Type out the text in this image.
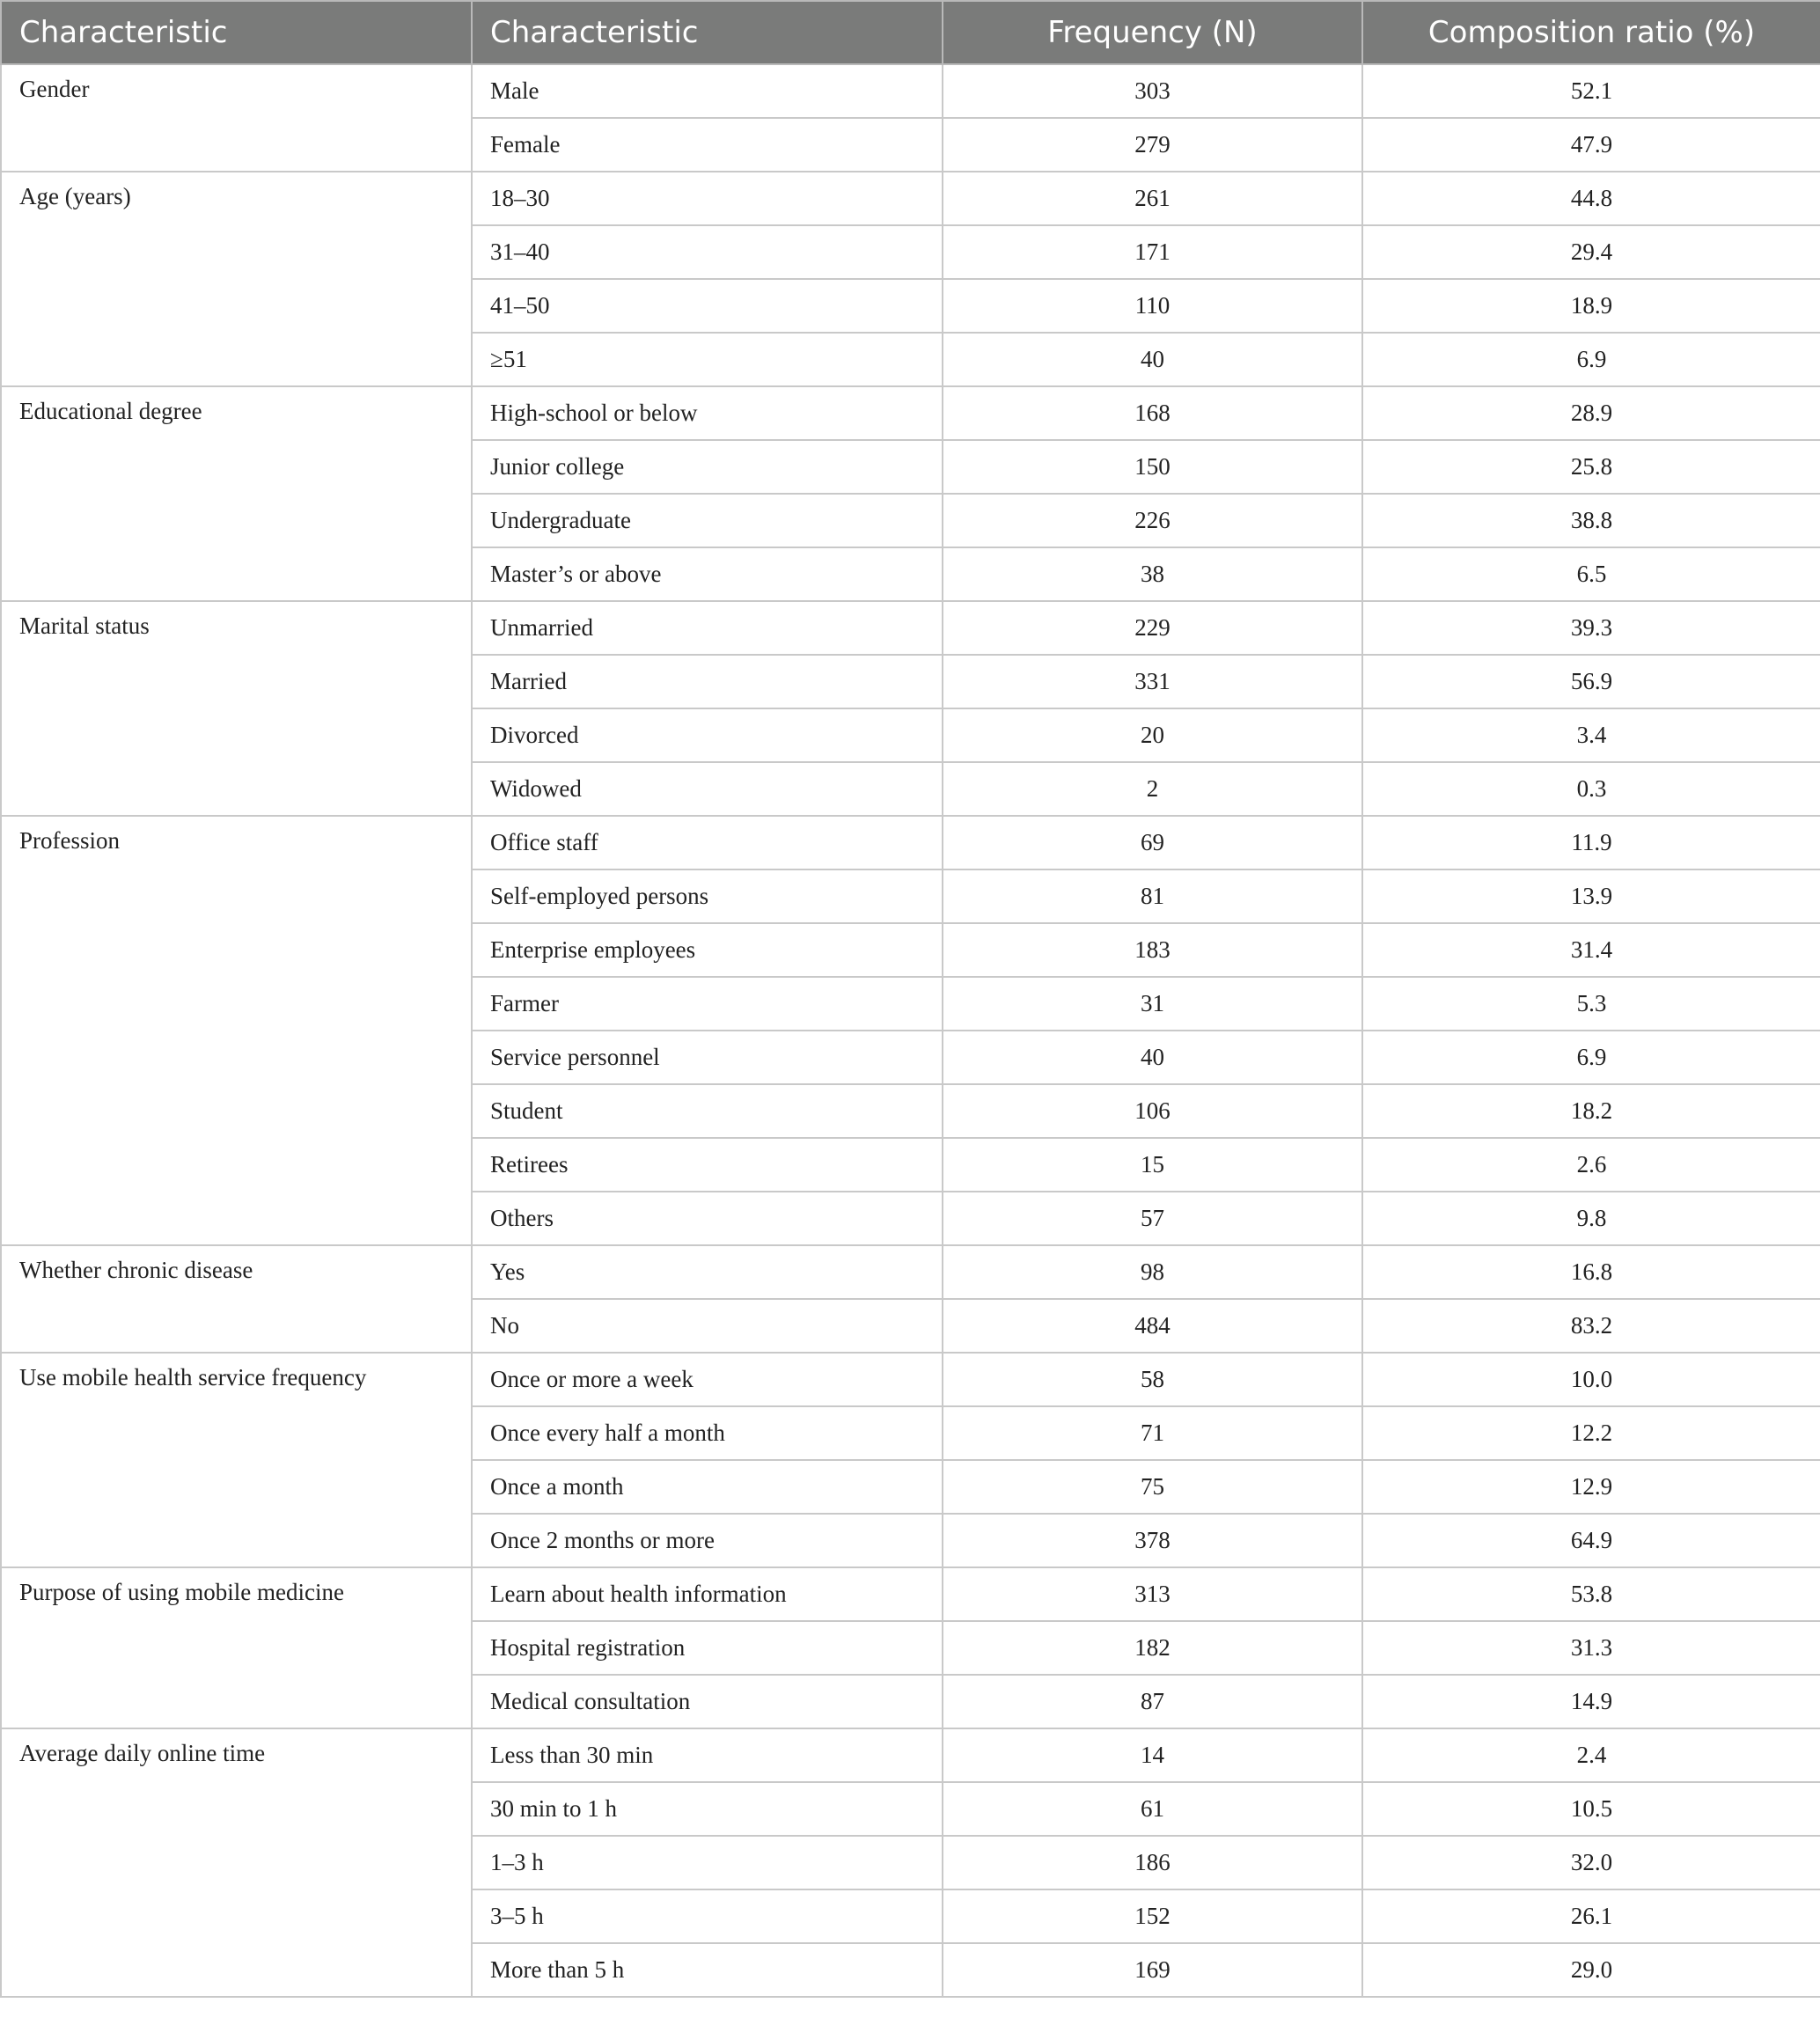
Characteristic	Characteristic	Frequency (N)	Composition ratio (%)
Gender	Male	303	52.1
	Female	279	47.9
Age (years)	18–30	261	44.8
	31–40	171	29.4
	41–50	110	18.9
	≥51	40	6.9
Educational degree	High-school or below	168	28.9
	Junior college	150	25.8
	Undergraduate	226	38.8
	Master’s or above	38	6.5
Marital status	Unmarried	229	39.3
	Married	331	56.9
	Divorced	20	3.4
	Widowed	2	0.3
Profession	Office staff	69	11.9
	Self-employed persons	81	13.9
	Enterprise employees	183	31.4
	Farmer	31	5.3
	Service personnel	40	6.9
	Student	106	18.2
	Retirees	15	2.6
	Others	57	9.8
Whether chronic disease	Yes	98	16.8
	No	484	83.2
Use mobile health service frequency	Once or more a week	58	10.0
	Once every half a month	71	12.2
	Once a month	75	12.9
	Once 2 months or more	378	64.9
Purpose of using mobile medicine	Learn about health information	313	53.8
	Hospital registration	182	31.3
	Medical consultation	87	14.9
Average daily online time	Less than 30 min	14	2.4
	30 min to 1 h	61	10.5
	1–3 h	186	32.0
	3–5 h	152	26.1
	More than 5 h	169	29.0
